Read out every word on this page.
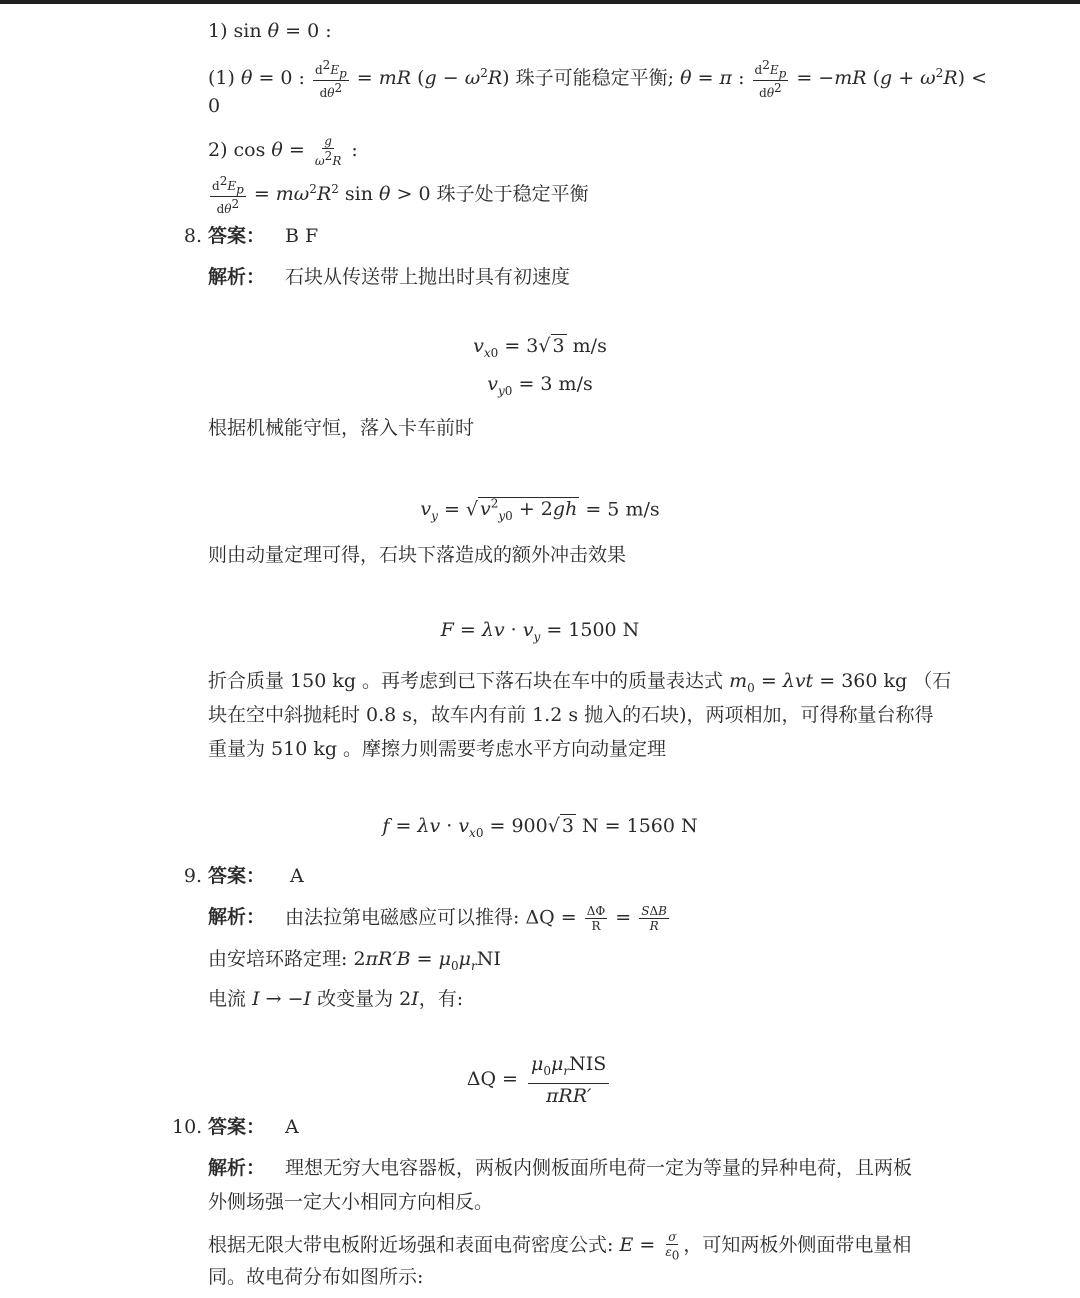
1) sin θ = 0 :
(1) θ = 0 : $\frac{d^2E_p}{d\theta^2}$ = mR $(g - \omega^2R)$ 珠子可能稳定平衡; θ = π : $\frac{d^2E_p}{d\theta^2} = -mR$ $(g + \omega^2R)$ <
0
2) $\cos \theta = \frac{g}{\omega^2R}$ :
$\frac{d^2E_p}{d\theta^2} = m\omega^2R^2$ sin θ > 0 珠子处于稳定平衡
8. 答案： B F
解析： 石块从传送带上抛出时具有初速度
$v_{x0} = 3√$ 3 m/s
$v_{y0} = 3$ m/s
根据机械能守恒，落入卡车前时
$v_y$ = √ $v^2_{y0} + 2gh = 5$ m/s
则由动量定理可得，石块下落造成的额外冲击效果
$F = \lambda v \cdot v_y = 1500$ N
折合质量 150 kg 。再考虑到已下落石块在车中的质量表达式 $m_0 = \lambda vt = 360$ kg （石
块在空中斜抛耗时 0.8 s，故车内有前 1.2 s 抛入的石块)，两项相加，可得称量台称得
重量为 510 kg 。摩擦力则需要考虑水平方向动量定理
$f = \lambda v \cdot v_{x0} = 900√$ 3 N = 1560 N
9. 答案： A
解析： 由法拉第电磁感应可以推得: $\Delta Q = \frac{\Delta\Phi}{R} = \frac{\text{SΔB}}{R}$
由安培环路定理: $2\pi R'B = \mu_0\mu_rNI$
电流 I → −I 改变量为 2I，有:
ΔQ =
$\mu_0\mu_rNIS$
πRR′
10. 答案： A
解析： 理想无穷大电容器板，两板内侧板面所电荷一定为等量的异种电荷，且两板
外侧场强一定大小相同方向相反。
根据无限大带电板附近场强和表面电荷密度公式: $E = \frac{\sigma}{\varepsilon_0}$ ，可知两板外侧面带电量相
同。故电荷分布如图所示:
